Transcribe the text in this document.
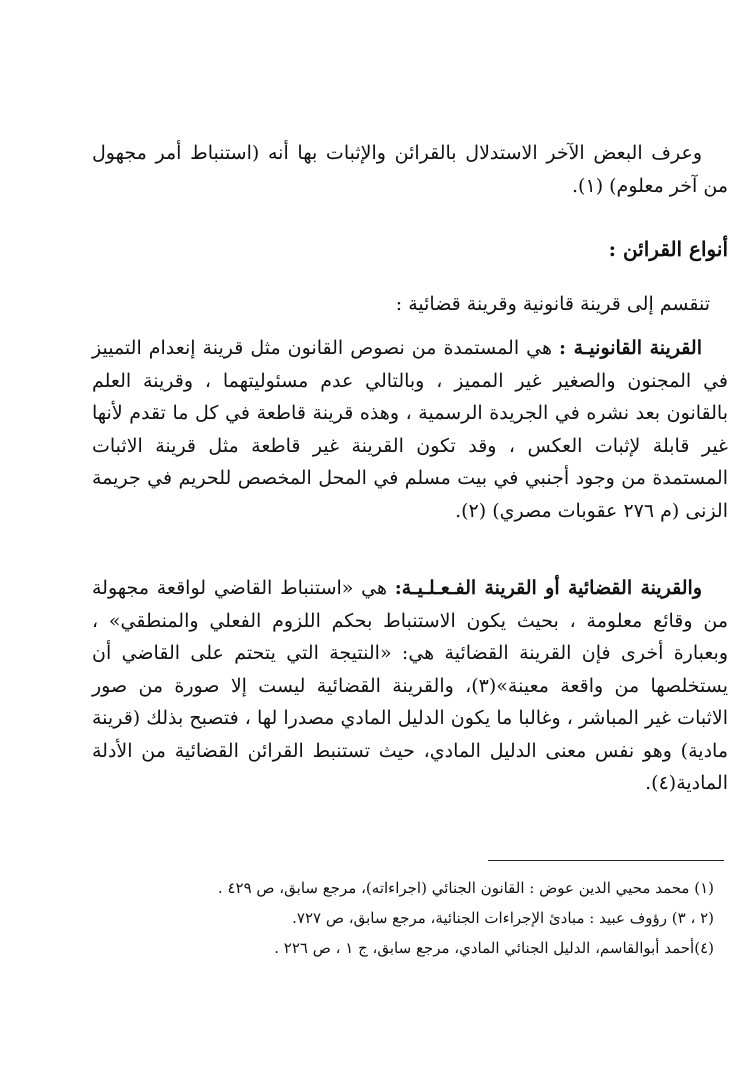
وعرف البعض الآخر الاستدلال بالقرائن والإثبات بها أنه (استنباط أمر مجهول من آخر معلوم) (١).

أنواع القرائن :

تنقسم إلى قرينة قانونية وقرينة قضائية :

القرينة القانونيـة : هي المستمدة من نصوص القانون مثل قرينة إنعدام التمييز في المجنون والصغير غير المميز ، وبالتالي عدم مسئوليتهما ، وقرينة العلم بالقانون بعد نشره في الجريدة الرسمية ، وهذه قرينة قاطعة في كل ما تقدم لأنها غير قابلة لإثبات العكس ، وقد تكون القرينة غير قاطعة مثل قرينة الاثبات المستمدة من وجود أجنبي في بيت مسلم في المحل المخصص للحريم في جريمة الزنى (م ٢٧٦ عقوبات مصري) (٢).

والقرينة القضائية أو القرينة الفـعـلـيـة: هي «استنباط القاضي لواقعة مجهولة من وقائع معلومة ، بحيث يكون الاستنباط بحكم اللزوم الفعلي والمنطقي» ، وبعبارة أخرى فإن القرينة القضائية هي: «النتيجة التي يتحتم على القاضي أن يستخلصها من واقعة معينة»(٣)، والقرينة القضائية ليست إلا صورة من صور الاثبات غير المباشر ، وغالبا ما يكون الدليل المادي مصدرا لها ، فتصبح بذلك (قرينة مادية) وهو نفس معنى الدليل المادي، حيث تستنبط القرائن القضائية من الأدلة المادية(٤).

(١) محمد محيي الدين عوض : القانون الجنائي (اجراءاته)، مرجع سابق، ص ٤٢٩ .
(٢ ، ٣) رؤوف عبيد : مبادئ الإجراءات الجنائية، مرجع سابق، ص ٧٢٧.
(٤)أحمد أبوالقاسم، الدليل الجنائي المادي، مرجع سابق، ج ١ ، ص ٢٢٦ .
